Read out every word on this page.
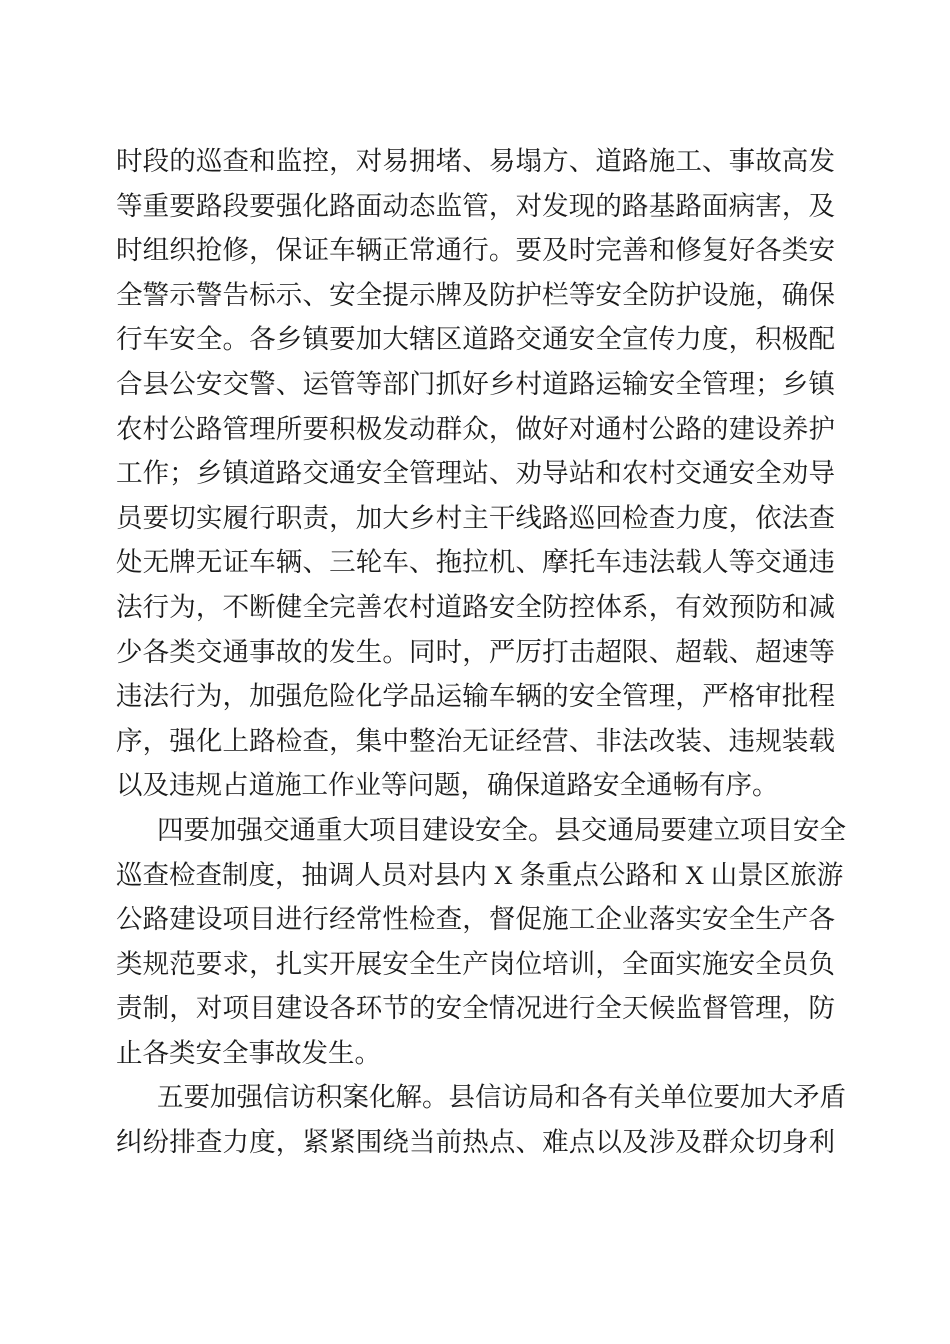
时段的巡查和监控，对易拥堵、易塌方、道路施工、事故高发
等重要路段要强化路面动态监管，对发现的路基路面病害，及
时组织抢修，保证车辆正常通行。要及时完善和修复好各类安
全警示警告标示、安全提示牌及防护栏等安全防护设施，确保
行车安全。各乡镇要加大辖区道路交通安全宣传力度，积极配
合县公安交警、运管等部门抓好乡村道路运输安全管理；乡镇
农村公路管理所要积极发动群众，做好对通村公路的建设养护
工作；乡镇道路交通安全管理站、劝导站和农村交通安全劝导
员要切实履行职责，加大乡村主干线路巡回检查力度，依法查
处无牌无证车辆、三轮车、拖拉机、摩托车违法载人等交通违
法行为，不断健全完善农村道路安全防控体系，有效预防和减
少各类交通事故的发生。同时，严厉打击超限、超载、超速等
违法行为，加强危险化学品运输车辆的安全管理，严格审批程
序，强化上路检查，集中整治无证经营、非法改装、违规装载
以及违规占道施工作业等问题，确保道路安全通畅有序。
四要加强交通重大项目建设安全。县交通局要建立项目安全
巡查检查制度，抽调人员对县内 X 条重点公路和 X 山景区旅游
公路建设项目进行经常性检查，督促施工企业落实安全生产各
类规范要求，扎实开展安全生产岗位培训，全面实施安全员负
责制，对项目建设各环节的安全情况进行全天候监督管理，防
止各类安全事故发生。
五要加强信访积案化解。县信访局和各有关单位要加大矛盾
纠纷排查力度，紧紧围绕当前热点、难点以及涉及群众切身利
